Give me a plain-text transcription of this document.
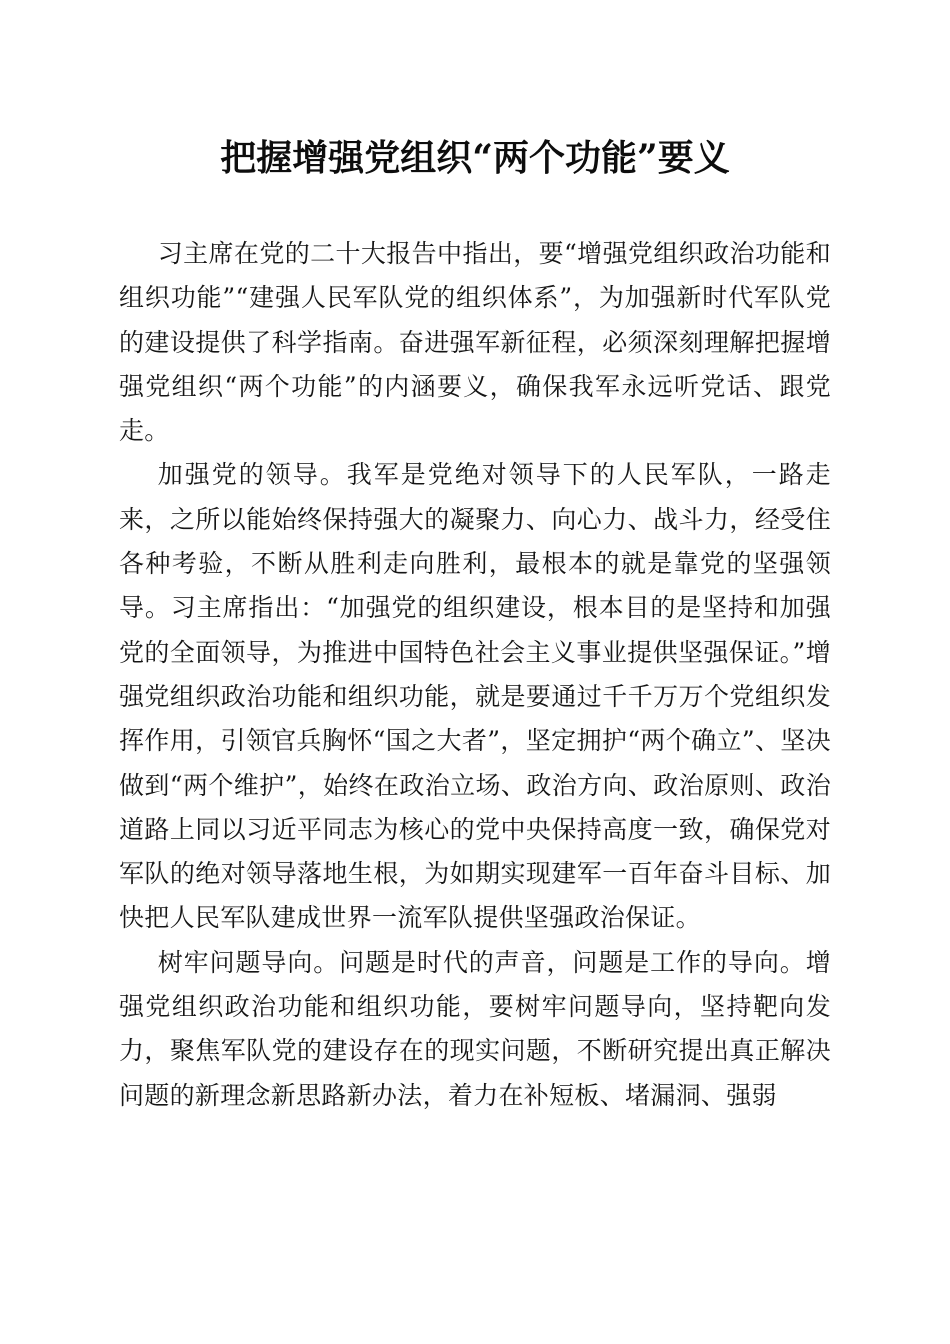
把握增强党组织“两个功能”要义

习主席在党的二十大报告中指出，要“增强党组织政治功能和组织功能”“建强人民军队党的组织体系”，为加强新时代军队党的建设提供了科学指南。奋进强军新征程，必须深刻理解把握增强党组织“两个功能”的内涵要义，确保我军永远听党话、跟党走。

加强党的领导。我军是党绝对领导下的人民军队，一路走来，之所以能始终保持强大的凝聚力、向心力、战斗力，经受住各种考验，不断从胜利走向胜利，最根本的就是靠党的坚强领导。习主席指出：“加强党的组织建设，根本目的是坚持和加强党的全面领导，为推进中国特色社会主义事业提供坚强保证。”增强党组织政治功能和组织功能，就是要通过千千万万个党组织发挥作用，引领官兵胸怀“国之大者”，坚定拥护“两个确立”、坚决做到“两个维护”，始终在政治立场、政治方向、政治原则、政治道路上同以习近平同志为核心的党中央保持高度一致，确保党对军队的绝对领导落地生根，为如期实现建军一百年奋斗目标、加快把人民军队建成世界一流军队提供坚强政治保证。

树牢问题导向。问题是时代的声音，问题是工作的导向。增强党组织政治功能和组织功能，要树牢问题导向，坚持靶向发力，聚焦军队党的建设存在的现实问题，不断研究提出真正解决问题的新理念新思路新办法，着力在补短板、堵漏洞、强弱
